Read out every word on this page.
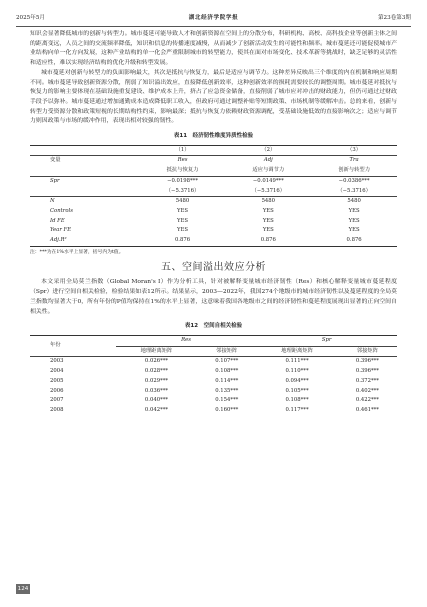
2025年5月	湖北经济学院学报	第23卷第3期

知识会显著降低城市的创新与转型力。城市蔓延可能导致人才和创新资源在空间上的分散分布，科研机构、高校、高科技企业等创新主体之间的距离变远，人员之间的交流频率降低，知识和信息的传播速度减慢，从而减少了创新活动发生的可能性和频率。城市蔓延还可能促使城市产业结构向单一化方向发展，这种产业结构的单一化会严重限制城市的转型能力，使其在面对市场变化、技术革新等挑战时，缺乏足够的灵活性和适应性，难以实现经济结构的优化升级和转型发展。

城市蔓延对创新与转型力的负面影响最大，其次是抵抗与恢复力，最后是适应与调节力。这种差异反映出三个维度的内在机制和响应周期不同。城市蔓延导致创新资源分散，削弱了知识溢出效应，直接降低创新效率，这种创新效率的损耗需要较长的调整周期。城市蔓延对抵抗与恢复力的影响主要体现在基础设施重复建设、维护成本上升，挤占了应急资金储备，直接削弱了城市应对冲击的财政能力，但仍可通过过财政手段予以弥补。城市蔓延通过增加通勤成本造成降低职工收入，但政府可通过调整补贴等短期政策、市场机制等缓解冲击。总的来看，创新与转型力受资源分散和政策短视的长期结构性约束，影响最深；抵抗与恢复力依赖财政资源调配，受基础设施低效的直接影响次之；适应与调节力则因政策与市场的缓冲作用，表现出相对较强的韧性。

表11　经济韧性维度异质性检验
	（1）	（2）	（3）
变量	Res	Adj	Tra
	抵抗与恢复力	适应与调节力	创新与转型力
Spr	−0.0198***	−0.0149***	−0.0386***
	（−5.3716）	（−5.3716）	（−5.3716）
N	5480	5480	5480
Controls	YES	YES	YES
Id FE	YES	YES	YES
Year FE	YES	YES	YES
Adj.R²	0.876	0.876	0.876
注：***为在1%水平上显著，括号内为t值。
五、空间溢出效应分析

本文采用全局莫兰指数（Global Moran's I）作为分析工具，针对被解释变量城市经济韧性（Res）和核心解释变量城市蔓延程度（Spr）进行空间自相关检验，检验结果如表12所示。结果显示，2003—2022年，我国274个地级市的城市经济韧性以及蔓延程度的全局莫兰指数均显著大于0，所有年份的P值均保持在1%的水平上显著，这意味着我国各地级市之间的经济韧性和蔓延程度展现出显著的正向空间自相关性。

表12　空间自相关检验
年份	Res		Spr	
	地理距离矩阵	邻接矩阵	地理距离矩阵	邻接矩阵
2003	0.026***	0.107***	0.111***	0.396***
2004	0.028***	0.108***	0.110***	0.396***
2005	0.029***	0.114***	0.094***	0.372***
2006	0.036***	0.135***	0.105***	0.402***
2007	0.040***	0.154***	0.108***	0.422***
2008	0.042***	0.160***	0.117***	0.461***
124
